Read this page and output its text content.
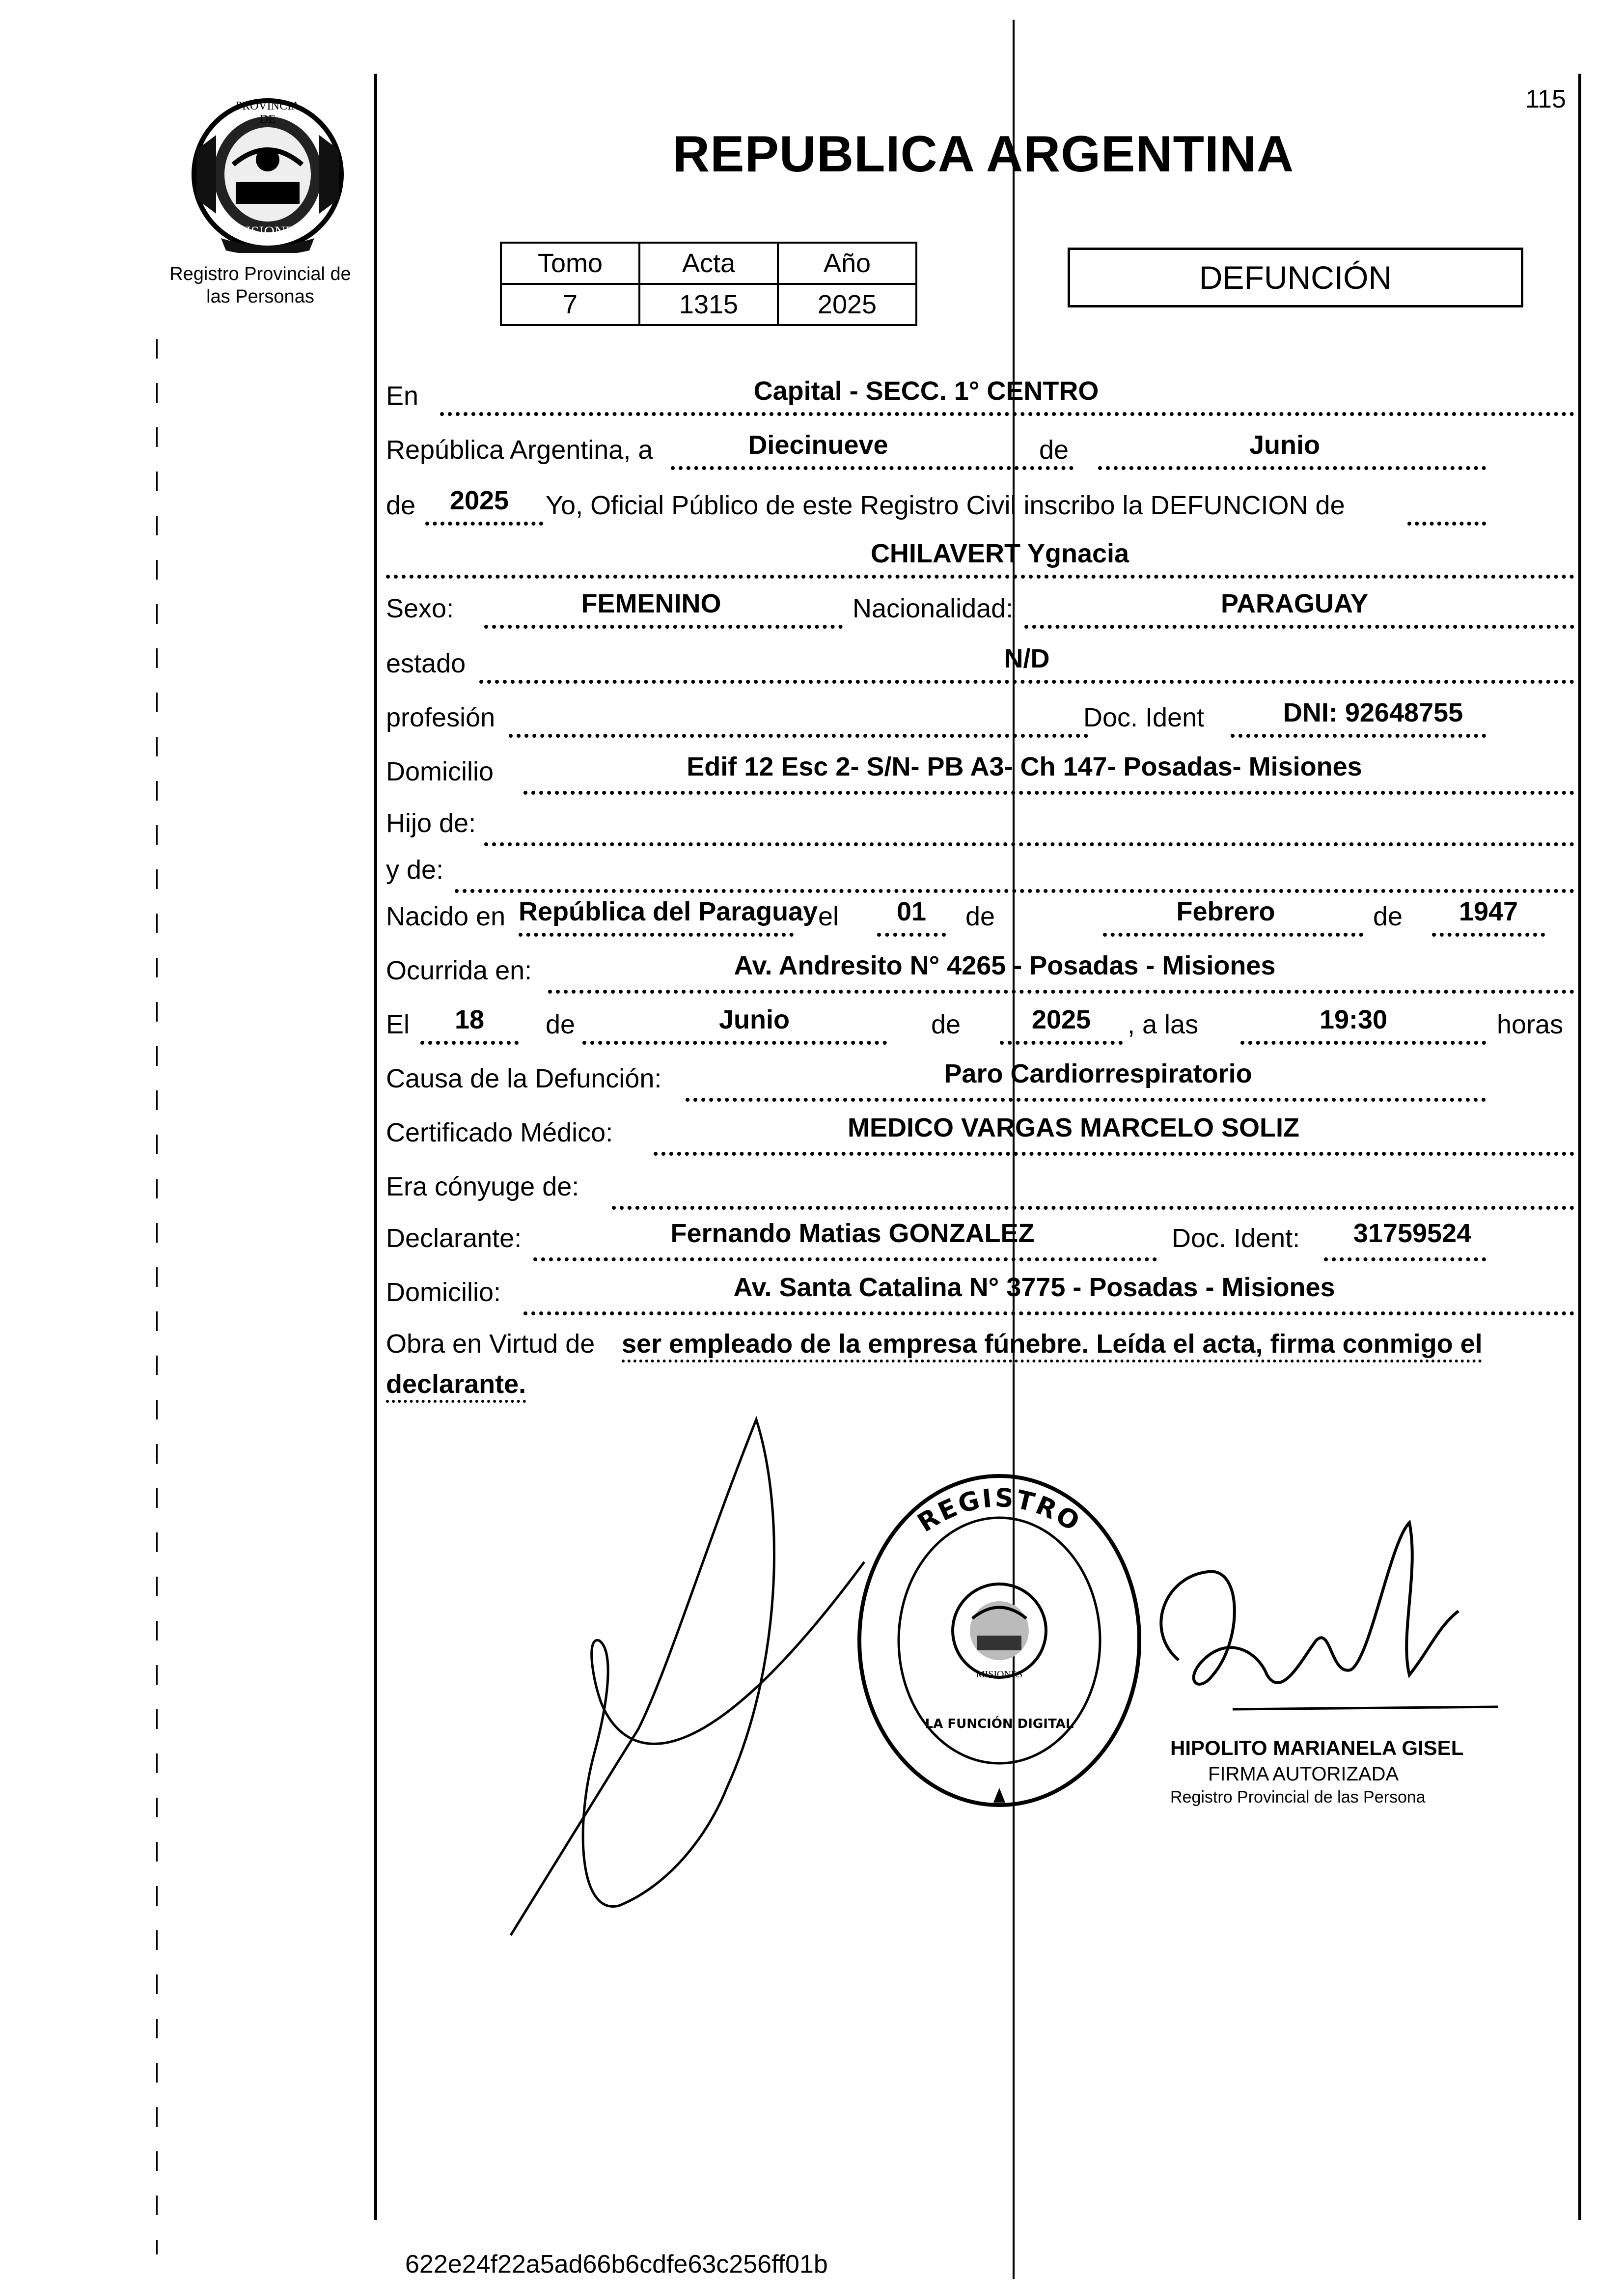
115
PROVINCIA DE
MISIONES
Registro Provincial de
las Personas
REPUBLICA ARGENTINA
Tomo	Acta	Año
7	1315	2025
DEFUNCIÓN
En	Capital - SECC. 1° CENTRO
República Argentina, a	Diecinueve	de	Junio
de	2025	Yo, Oficial Público de este Registro Civil inscribo la DEFUNCION de
CHILAVERT Ygnacia
Sexo:	FEMENINO	Nacionalidad:	PARAGUAY
estado	N/D
profesión	Doc. Ident	DNI: 92648755
Domicilio	Edif 12 Esc 2- S/N- PB A3- Ch 147- Posadas- Misiones
Hijo de:
y de:
Nacido en República del Paraguay el	01	de	Febrero	de	1947
Ocurrida en:	Av. Andresito N° 4265 - Posadas - Misiones
El	18	de	Junio	de	2025	, a las	19:30	horas
Causa de la Defunción:	Paro Cardiorrespiratorio
Certificado Médico:	MEDICO VARGAS MARCELO SOLIZ
Era cónyuge de:
Declarante:	Fernando Matias GONZALEZ	Doc. Ident:	31759524
Domicilio:	Av. Santa Catalina N° 3775 - Posadas - Misiones
Obra en Virtud de ser empleado de la empresa fúnebre. Leída el acta, firma conmigo el
declarante.
REGISTRO
LA FUNCIÓN DIGITAL
MISIONES
HIPOLITO MARIANELA GISEL
FIRMA AUTORIZADA
Registro Provincial de las Persona
622e24f22a5ad66b6cdfe63c256ff01b
